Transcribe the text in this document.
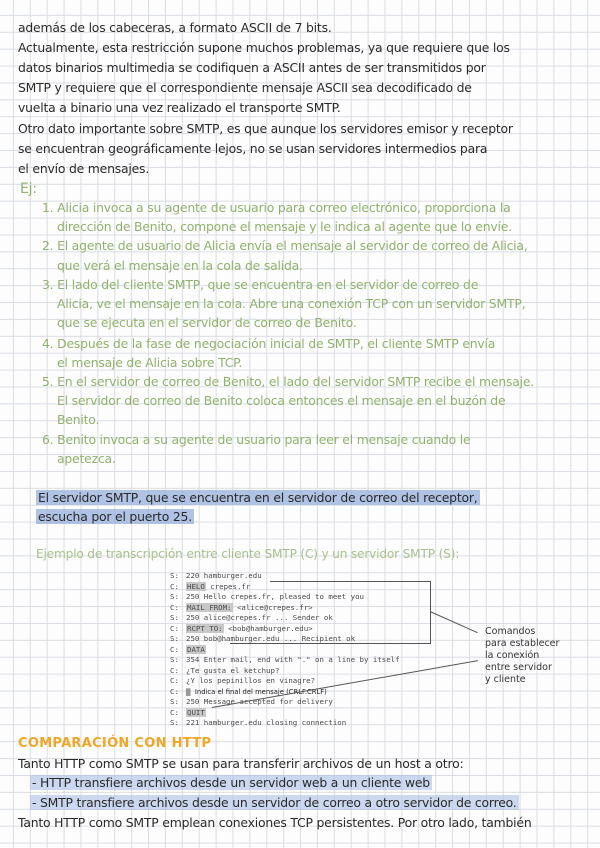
además de los cabeceras, a formato ASCII de 7 bits.
Actualmente, esta restricción supone muchos problemas, ya que requiere que los
datos binarios multimedia se codifiquen a ASCII antes de ser transmitidos por
SMTP y requiere que el correspondiente mensaje ASCII sea decodificado de
vuelta a binario una vez realizado el transporte SMTP.
Otro dato importante sobre SMTP, es que aunque los servidores emisor y receptor
se encuentran geográficamente lejos, no se usan servidores intermedios para
el envío de mensajes.
Ej:
1. Alicia invoca a su agente de usuario para correo electrónico, proporciona la
dirección de Benito, compone el mensaje y le indica al agente que lo envíe.
2. El agente de usuario de Alicia envía el mensaje al servidor de correo de Alicia,
que verá el mensaje en la cola de salida.
3. El lado del cliente SMTP, que se encuentra en el servidor de correo de
Alicia, ve el mensaje en la cola. Abre una conexión TCP con un servidor SMTP,
que se ejecuta en el servidor de correo de Benito.
4. Después de la fase de negociación inicial de SMTP, el cliente SMTP envía
el mensaje de Alicia sobre TCP.
5. En el servidor de correo de Benito, el lado del servidor SMTP recibe el mensaje.
El servidor de correo de Benito coloca entonces el mensaje en el buzón de
Benito.
6. Benito invoca a su agente de usuario para leer el mensaje cuando le
apetezca.
El servidor SMTP, que se encuentra en el servidor de correo del receptor,
escucha por el puerto 25.
Ejemplo de transcripción entre cliente SMTP (C) y un servidor SMTP (S):
S: 220 hamburger.edu
C: HELO crepes.fr
S: 250 Hello crepes.fr, pleased to meet you
C: MAIL FROM: <alice@crepes.fr>
S: 250 alice@crepes.fr ... Sender ok
C: RCPT TO: <bob@hamburger.edu>
S: 250 bob@hamburger.edu ... Recipient ok
C: DATA
S: 354 Enter mail, end with "." on a line by itself
C: ¿Te gusta el ketchup?
C: ¿Y los pepinillos en vinagre?
C: ▇ Indica el final del mensaje (CRLF.CRLF)
S: 250 Message accepted for delivery
C: QUIT
S: 221 hamburger.edu closing connection
Comandos
para establecer
la conexión
entre servidor
y cliente
COMPARACIÓN CON HTTP
Tanto HTTP como SMTP se usan para transferir archivos de un host a otro:
- HTTP transfiere archivos desde un servidor web a un cliente web
- SMTP transfiere archivos desde un servidor de correo a otro servidor de correo.
Tanto HTTP como SMTP emplean conexiones TCP persistentes. Por otro lado, también
